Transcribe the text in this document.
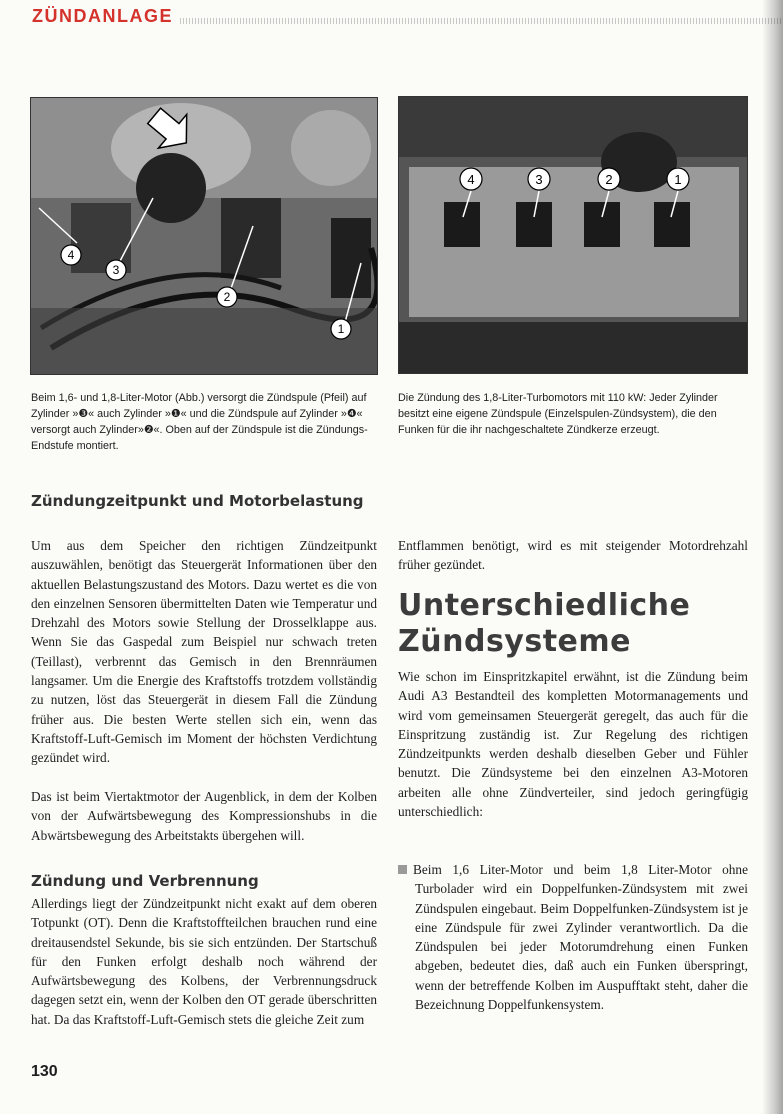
ZÜNDANLAGE
4
3
2
1
4	3	2	1
Beim 1,6- und 1,8-Liter-Motor (Abb.) versorgt die Zündspule (Pfeil) auf Zylinder »❸« auch Zylinder »❶« und die Zündspule auf Zylinder »❹« versorgt auch Zylinder»❷«. Oben auf der Zündspule ist die Zündungs-Endstufe montiert.
Die Zündung des 1,8-Liter-Turbomotors mit 110 kW: Jeder Zylinder besitzt eine eigene Zündspule (Einzelspulen-Zündsystem), die den Funken für die ihr nachgeschaltete Zündkerze erzeugt.
Zündungzeitpunkt und Motorbelastung
Um aus dem Speicher den richtigen Zündzeitpunkt auszuwählen, benötigt das Steuergerät Informationen über den aktuellen Belastungszustand des Motors. Dazu wertet es die von den einzelnen Sensoren übermittelten Daten wie Temperatur und Drehzahl des Motors sowie Stellung der Drosselklappe aus. Wenn Sie das Gaspedal zum Beispiel nur schwach treten (Teillast), verbrennt das Gemisch in den Brennräumen langsamer. Um die Energie des Kraftstoffs trotzdem vollständig zu nutzen, löst das Steuergerät in diesem Fall die Zündung früher aus. Die besten Werte stellen sich ein, wenn das Kraftstoff-Luft-Gemisch im Moment der höchsten Verdichtung gezündet wird.
Das ist beim Viertaktmotor der Augenblick, in dem der Kolben von der Aufwärtsbewegung des Kompressionshubs in die Abwärtsbewegung des Arbeitstakts übergehen will.
Zündung und Verbrennung
Allerdings liegt der Zündzeitpunkt nicht exakt auf dem oberen Totpunkt (OT). Denn die Kraftstoffteilchen brauchen rund eine dreitausendstel Sekunde, bis sie sich entzünden. Der Startschuß für den Funken erfolgt deshalb noch während der Aufwärtsbewegung des Kolbens, der Verbrennungsdruck dagegen setzt ein, wenn der Kolben den OT gerade überschritten hat. Da das Kraftstoff-Luft-Gemisch stets die gleiche Zeit zum
Entflammen benötigt, wird es mit steigender Motordrehzahl früher gezündet.
Unterschiedliche
Zündsysteme
Wie schon im Einspritzkapitel erwähnt, ist die Zündung beim Audi A3 Bestandteil des kompletten Motormanagements und wird vom gemeinsamen Steuergerät geregelt, das auch für die Einspritzung zuständig ist. Zur Regelung des richtigen Zündzeitpunkts werden deshalb dieselben Geber und Fühler benutzt. Die Zündsysteme bei den einzelnen A3-Motoren arbeiten alle ohne Zündverteiler, sind jedoch geringfügig unterschiedlich:
Beim 1,6 Liter-Motor und beim 1,8 Liter-Motor ohne Turbolader wird ein Doppelfunken-Zündsystem mit zwei Zündspulen eingebaut. Beim Doppelfunken-Zündsystem ist je eine Zündspule für zwei Zylinder verantwortlich. Da die Zündspulen bei jeder Motorumdrehung einen Funken abgeben, bedeutet dies, daß auch ein Funken überspringt, wenn der betreffende Kolben im Auspufftakt steht, daher die Bezeichnung Doppelfunkensystem.
130
